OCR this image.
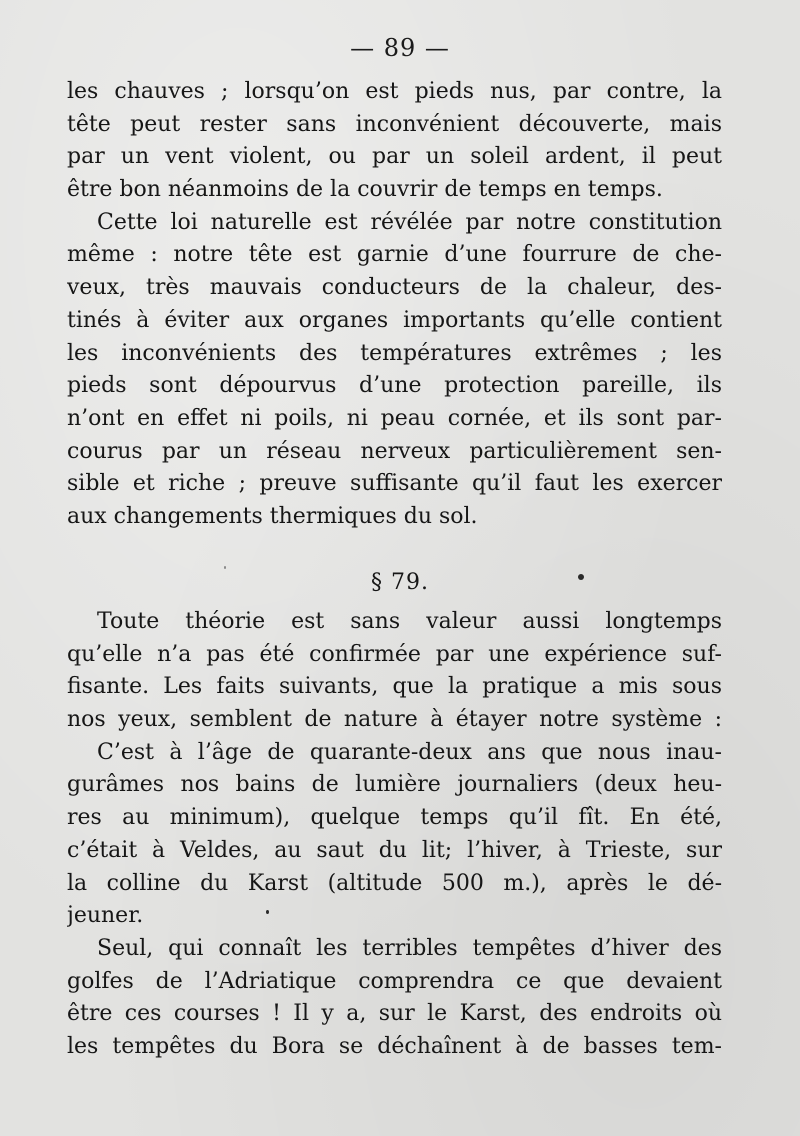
— 89 —
les chauves ; lorsqu’on est pieds nus, par contre, la
tête peut rester sans inconvénient découverte, mais
par un vent violent, ou par un soleil ardent, il peut
être bon néanmoins de la couvrir de temps en temps.
Cette loi naturelle est révélée par notre constitution
même : notre tête est garnie d’une fourrure de che-
veux, très mauvais conducteurs de la chaleur, des-
tinés à éviter aux organes importants qu’elle contient
les inconvénients des températures extrêmes ; les
pieds sont dépourvus d’une protection pareille, ils
n’ont en effet ni poils, ni peau cornée, et ils sont par-
courus par un réseau nerveux particulièrement sen-
sible et riche ; preuve suffisante qu’il faut les exercer
aux changements thermiques du sol.
§ 79.
Toute théorie est sans valeur aussi longtemps
qu’elle n’a pas été confirmée par une expérience suf-
fisante. Les faits suivants, que la pratique a mis sous
nos yeux, semblent de nature à étayer notre système :
C’est à l’âge de quarante-deux ans que nous inau-
gurâmes nos bains de lumière journaliers (deux heu-
res au minimum), quelque temps qu’il fît. En été,
c’était à Veldes, au saut du lit; l’hiver, à Trieste, sur
la colline du Karst (altitude 500 m.), après le dé-
jeuner.
Seul, qui connaît les terribles tempêtes d’hiver des
golfes de l’Adriatique comprendra ce que devaient
être ces courses ! Il y a, sur le Karst, des endroits où
les tempêtes du Bora se déchaînent à de basses tem-
